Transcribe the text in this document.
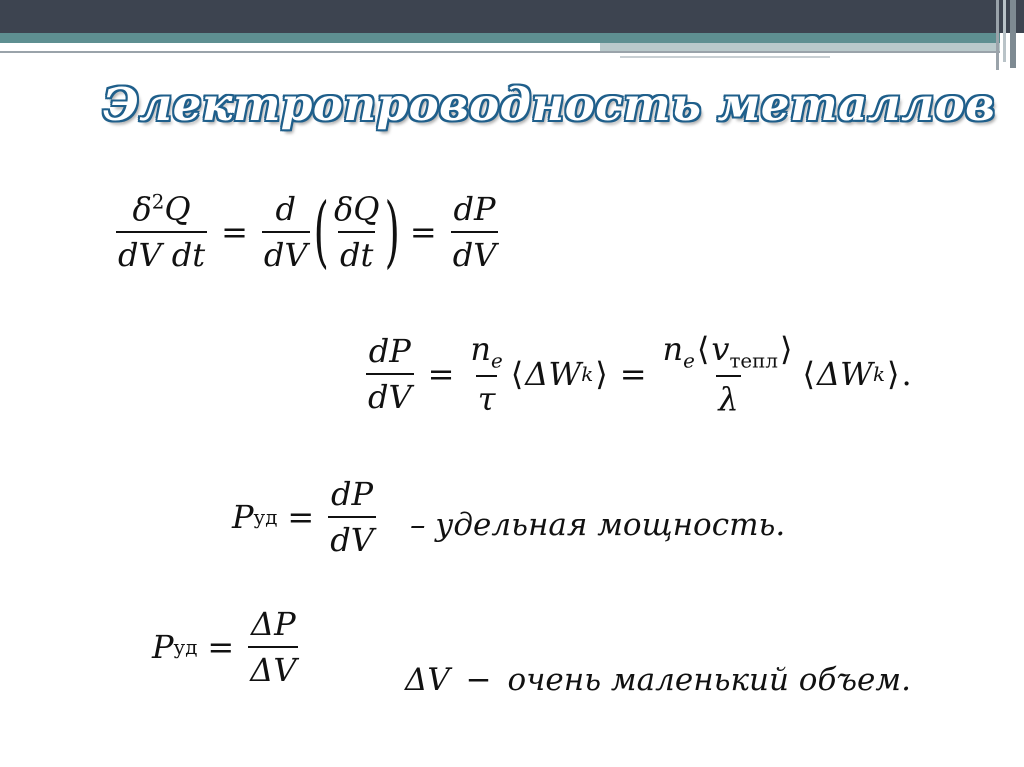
Электропроводность металлов
$\frac{\delta^2Q}{\text{dV dt}} = \frac{d}{dV}$ ( $\frac{\delta Q}{dt}$ ) = $\frac{dP}{dV}$
$\frac{dP}{dV} = \frac{n_e}{\tau}$ ⟨ ΔW k ⟩ = $\frac{n_e⟨v_{тепл}⟩}{\lambda}$ ⟨ ΔW k ⟩ .
P уд = $\frac{dP}{dV}$ – удельная мощность.
P уд = $\frac{\Delta P}{\Delta V}$	ΔV − очень маленький объем.
